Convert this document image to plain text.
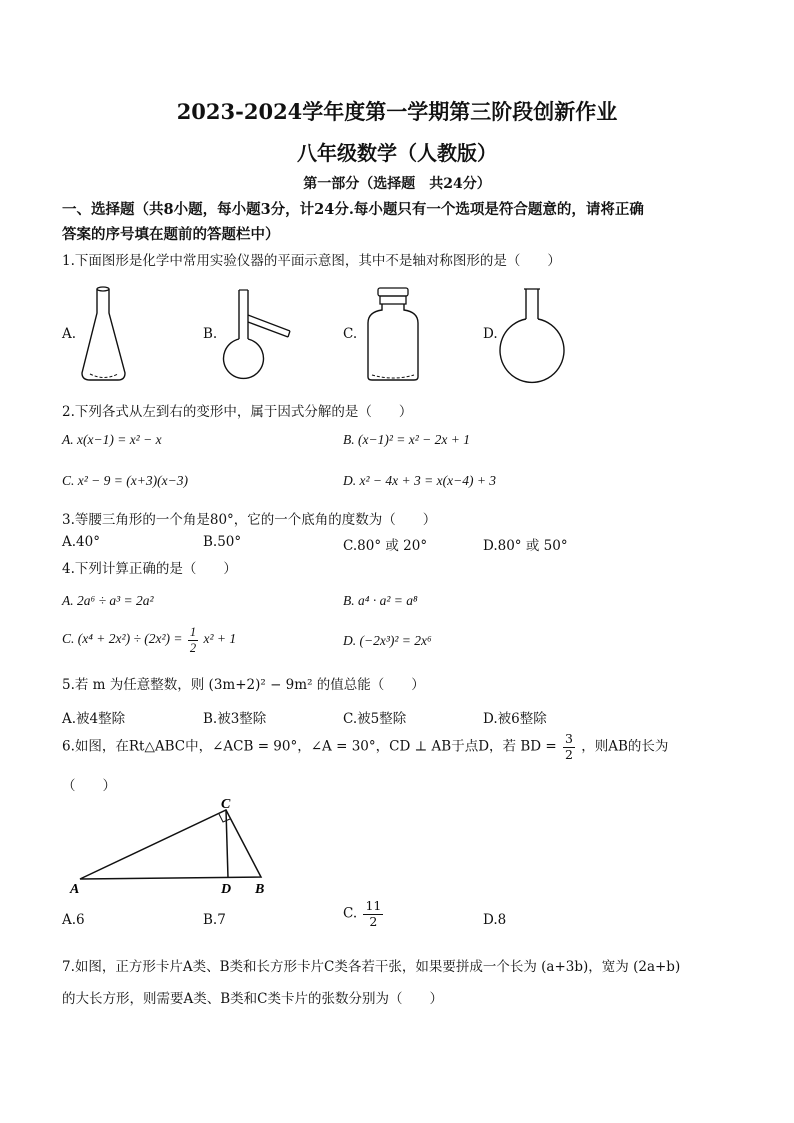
2023-2024学年度第一学期第三阶段创新作业
八年级数学（人教版）
第一部分（选择题　共24分）
一、选择题（共8小题，每小题3分，计24分.每小题只有一个选项是符合题意的，请将正确
答案的序号填在题前的答题栏中）
1.下面图形是化学中常用实验仪器的平面示意图，其中不是轴对称图形的是（　　）
A.	B.	C.	D.
2.下列各式从左到右的变形中，属于因式分解的是（　　）
A. x(x−1) = x² − x	B. (x−1)² = x² − 2x + 1
C. x² − 9 = (x+3)(x−3)	D. x² − 4x + 3 = x(x−4) + 3
3.等腰三角形的一个角是80°，它的一个底角的度数为（　　）
A.40°	B.50°	C.80° 或 20°	D.80° 或 50°
4.下列计算正确的是（　　）
A. 2a⁶ ÷ a³ = 2a²	B. a⁴ · a² = a⁸
C. $(x^4 + 2x^2) \div (2x^2) = \frac{1}{2} x^2 + 1$	D. (−2x³)² = 2x⁶
5.若 m 为任意整数，则 (3m+2)² − 9m² 的值总能（　　）
A.被4整除	B.被3整除	C.被5整除	D.被6整除
6.如图，在Rt△ABC中，∠ACB = 90°，∠A = 30°，CD ⊥ AB于点D，若 BD = $\frac{3}{2}$ ，则AB的长为
（　　）
C
A	D B
A.6	B.7	C. $\frac{11}{2}$	D.8
7.如图，正方形卡片A类、B类和长方形卡片C类各若干张，如果要拼成一个长为 (a+3b)，宽为 (2a+b)
的大长方形，则需要A类、B类和C类卡片的张数分别为（　　）
